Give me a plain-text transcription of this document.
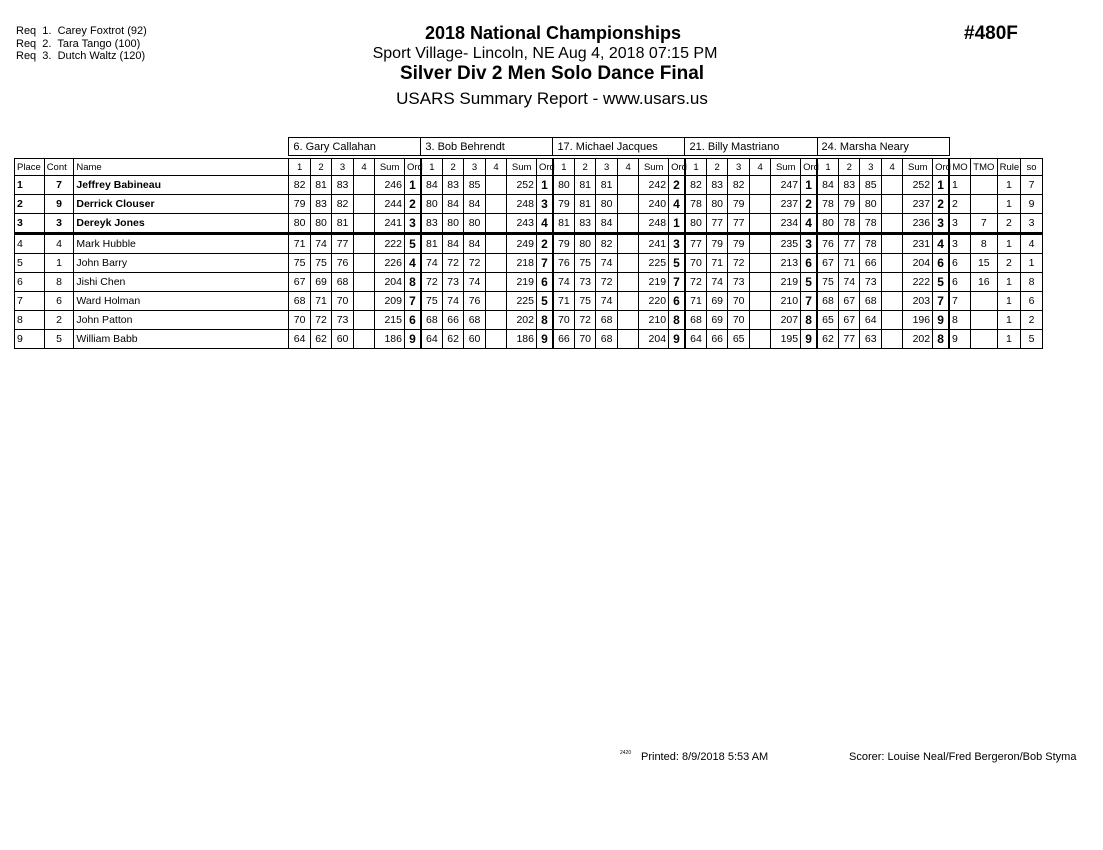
Req  1.  Carey Foxtrot (92)
Req  2.  Tara Tango (100)
Req  3.  Dutch Waltz (120)
2018 National Championships
Sport Village- Lincoln, NE Aug 4, 2018 07:15 PM
Silver Div 2 Men Solo Dance Final
USARS Summary Report - www.usars.us
#480F
			6. Gary Callahan						3. Bob Behrendt						17. Michael Jacques						21. Billy Mastriano						24. Marsha Neary									

Place	Cont	Name	1	2	3	4	Sum	Ord	1	2	3	4	Sum	Ord	1	2	3	4	Sum	Ord	1	2	3	4	Sum	Ord	1	2	3	4	Sum	Ord	MO	TMO	Rule	so
1	7	Jeffrey Babineau	82	81	83		246	1	84	83	85		252	1	80	81	81		242	2	82	83	82		247	1	84	83	85		252	1	1		1	7
2	9	Derrick Clouser	79	83	82		244	2	80	84	84		248	3	79	81	80		240	4	78	80	79		237	2	78	79	80		237	2	2		1	9
3	3	Dereyk Jones	80	80	81		241	3	83	80	80		243	4	81	83	84		248	1	80	77	77		234	4	80	78	78		236	3	3	7	2	3
4	4	Mark Hubble	71	74	77		222	5	81	84	84		249	2	79	80	82		241	3	77	79	79		235	3	76	77	78		231	4	3	8	1	4
5	1	John Barry	75	75	76		226	4	74	72	72		218	7	76	75	74		225	5	70	71	72		213	6	67	71	66		204	6	6	15	2	1
6	8	Jishi Chen	67	69	68		204	8	72	73	74		219	6	74	73	72		219	7	72	74	73		219	5	75	74	73		222	5	6	16	1	8
7	6	Ward Holman	68	71	70		209	7	75	74	76		225	5	71	75	74		220	6	71	69	70		210	7	68	67	68		203	7	7		1	6
8	2	John Patton	70	72	73		215	6	68	66	68		202	8	70	72	68		210	8	68	69	70		207	8	65	67	64		196	9	8		1	2
9	5	William Babb	64	62	60		186	9	64	62	60		186	9	66	70	68		204	9	64	66	65		195	9	62	77	63		202	8	9		1	5
2420 Printed: 8/9/2018 5:53 AM	Scorer: Louise Neal/Fred Bergeron/Bob Styma
